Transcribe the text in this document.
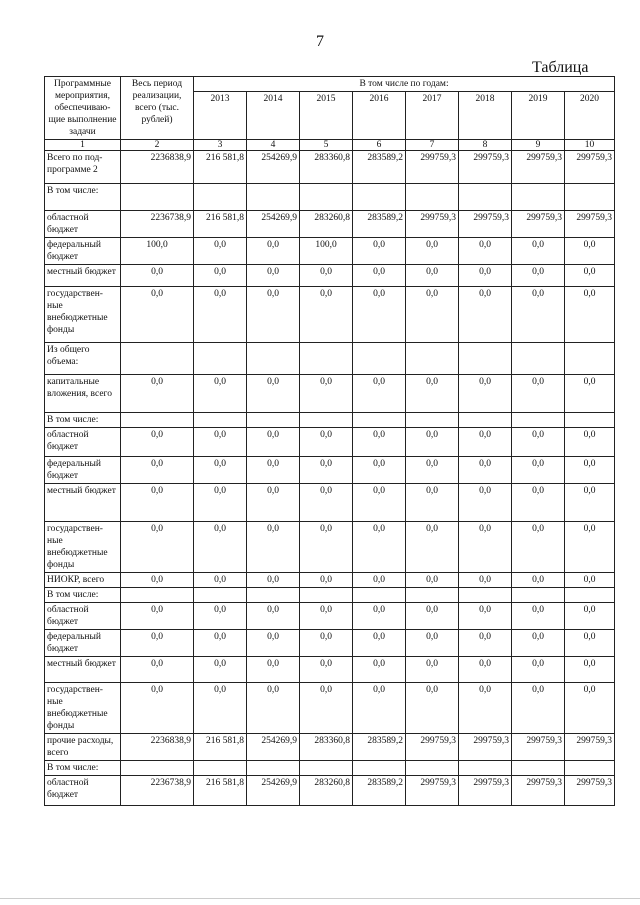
7
Таблица
Программные мероприятия, обеспечиваю-щие выполнение задачи	Весь период реализации, всего (тыс. рублей)	В том числе по годам:							
		2013	2014	2015	2016	2017	2018	2019	2020
1	2	3	4	5	6	7	8	9	10
Всего по под-программе 2	2236838,9	216 581,8	254269,9	283360,8	283589,2	299759,3	299759,3	299759,3	299759,3
В том числе:									
областной бюджет	2236738,9	216 581,8	254269,9	283260,8	283589,2	299759,3	299759,3	299759,3	299759,3
федеральный бюджет	100,0	0,0	0,0	100,0	0,0	0,0	0,0	0,0	0,0
местный бюджет	0,0	0,0	0,0	0,0	0,0	0,0	0,0	0,0	0,0
государствен-ные внебюджетные фонды	0,0	0,0	0,0	0,0	0,0	0,0	0,0	0,0	0,0
Из общего объема:									
капитальные вложения, всего	0,0	0,0	0,0	0,0	0,0	0,0	0,0	0,0	0,0
В том числе:									
областной бюджет	0,0	0,0	0,0	0,0	0,0	0,0	0,0	0,0	0,0
федеральный бюджет	0,0	0,0	0,0	0,0	0,0	0,0	0,0	0,0	0,0
местный бюджет	0,0	0,0	0,0	0,0	0,0	0,0	0,0	0,0	0,0
государствен-ные внебюджетные фонды	0,0	0,0	0,0	0,0	0,0	0,0	0,0	0,0	0,0
НИОКР, всего	0,0	0,0	0,0	0,0	0,0	0,0	0,0	0,0	0,0
В том числе:									
областной бюджет	0,0	0,0	0,0	0,0	0,0	0,0	0,0	0,0	0,0
федеральный бюджет	0,0	0,0	0,0	0,0	0,0	0,0	0,0	0,0	0,0
местный бюджет	0,0	0,0	0,0	0,0	0,0	0,0	0,0	0,0	0,0
государствен-ные внебюджетные фонды	0,0	0,0	0,0	0,0	0,0	0,0	0,0	0,0	0,0
прочие расходы, всего	2236838,9	216 581,8	254269,9	283360,8	283589,2	299759,3	299759,3	299759,3	299759,3
В том числе:									
областной бюджет	2236738,9	216 581,8	254269,9	283260,8	283589,2	299759,3	299759,3	299759,3	299759,3
